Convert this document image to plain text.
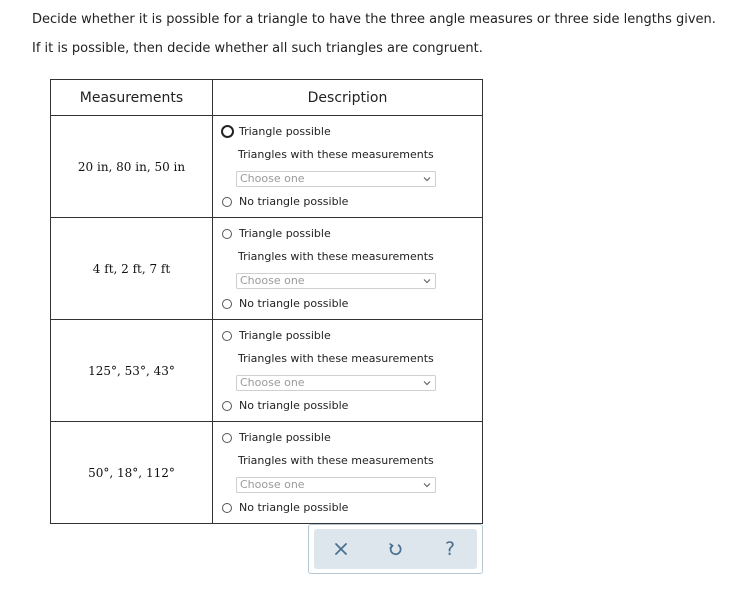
Decide whether it is possible for a triangle to have the three angle measures or three side lengths given.
If it is possible, then decide whether all such triangles are congruent.
Measurements	Description
20 in, 80 in, 50 in	Triangle possible
Triangles with these measurements
Choose one
No triangle possible

4 ft, 2 ft, 7 ft	Triangle possible
Triangles with these measurements
Choose one
No triangle possible

125°, 53°, 43°	Triangle possible
Triangles with these measurements
Choose one
No triangle possible

50°, 18°, 112°	Triangle possible
Triangles with these measurements
Choose one
No triangle possible
?
